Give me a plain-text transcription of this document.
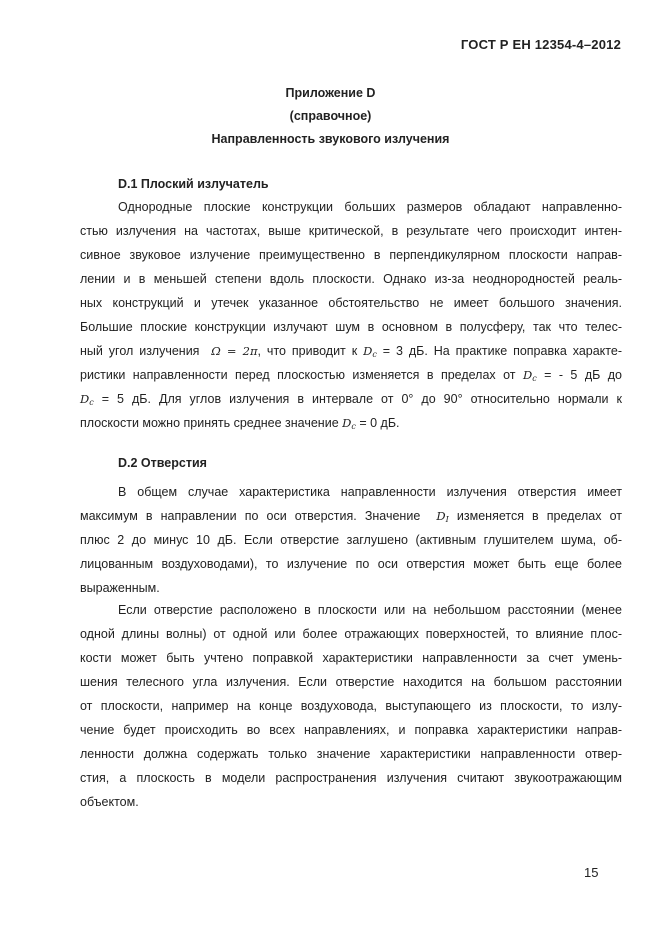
ГОСТ Р ЕН 12354-4–2012
Приложение D
(справочное)
Направленность звукового излучения
D.1 Плоский излучатель
Однородные плоские конструкции больших размеров обладают направленно-
стью излучения на частотах, выше критической, в результате чего происходит интен-
сивное звуковое излучение преимущественно в перпендикулярном плоскости направ-
лении и в меньшей степени вдоль плоскости. Однако из-за неоднородностей реаль-
ных конструкций и утечек указанное обстоятельство не имеет большого значения.
Большие плоские конструкции излучают шум в основном в полусферу, так что телес-
ный угол излучения Ω = 2π, что приводит к $D_c = 3$ дБ. На практике поправка характе-
ристики направленности перед плоскостью изменяется в пределах от $D_c$ = - 5 дБ до
$D_c = 5$ дБ. Для углов излучения в интервале от 0° до 90° относительно нормали к
плоскости можно принять среднее значение $D_c = 0$ дБ.
D.2 Отверстия
В общем случае характеристика направленности излучения отверстия имеет
максимум в направлении по оси отверстия. Значение $D_I$ изменяется в пределах от
плюс 2 до минус 10 дБ. Если отверстие заглушено (активным глушителем шума, об-
лицованным воздуховодами), то излучение по оси отверстия может быть еще более
выраженным.
Если отверстие расположено в плоскости или на небольшом расстоянии (менее
одной длины волны) от одной или более отражающих поверхностей, то влияние плос-
кости может быть учтено поправкой характеристики направленности за счет умень-
шения телесного угла излучения. Если отверстие находится на большом расстоянии
от плоскости, например на конце воздуховода, выступающего из плоскости, то излу-
чение будет происходить во всех направлениях, и поправка характеристики направ-
ленности должна содержать только значение характеристики направленности отвер-
стия, а плоскость в модели распространения излучения считают звукоотражающим
объектом.
15
